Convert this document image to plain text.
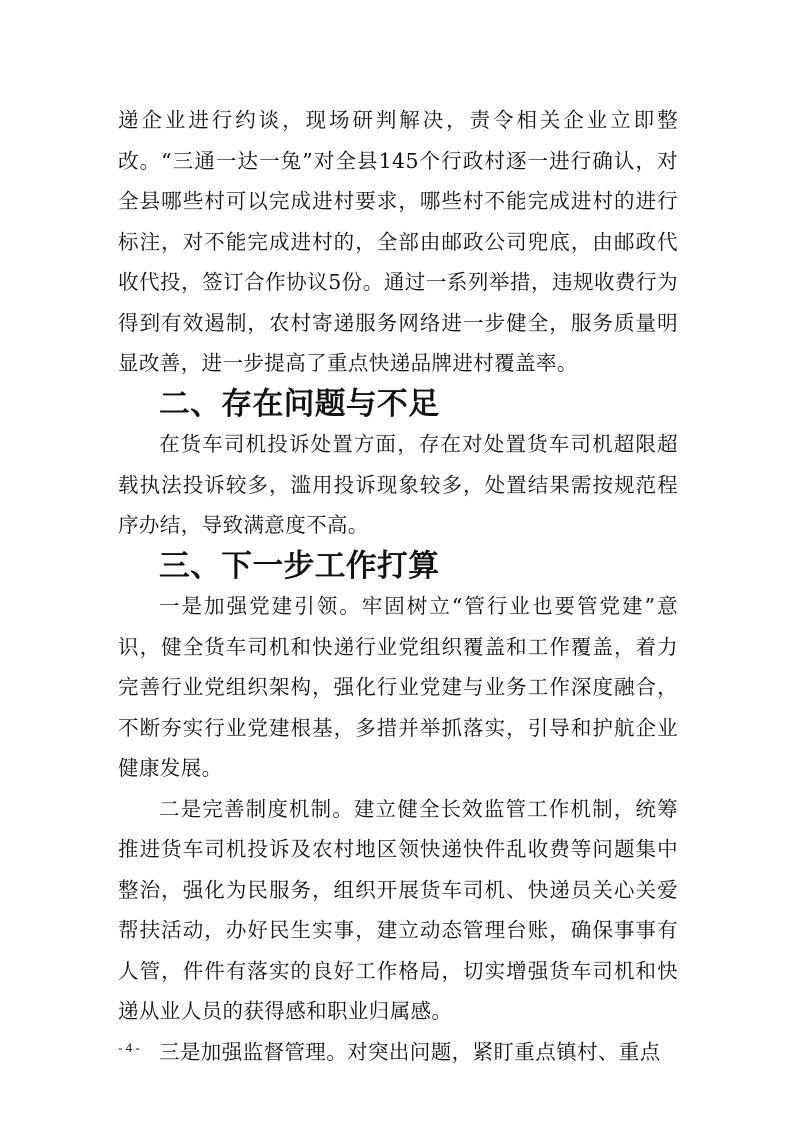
递企业进行约谈，现场研判解决，责令相关企业立即整改。“三通一达一兔”对全县145个行政村逐一进行确认，对全县哪些村可以完成进村要求，哪些村不能完成进村的进行标注，对不能完成进村的，全部由邮政公司兜底，由邮政代收代投，签订合作协议5份。通过一系列举措，违规收费行为得到有效遏制，农村寄递服务网络进一步健全，服务质量明显改善，进一步提高了重点快递品牌进村覆盖率。

二、存在问题与不足

在货车司机投诉处置方面，存在对处置货车司机超限超载执法投诉较多，滥用投诉现象较多，处置结果需按规范程序办结，导致满意度不高。

三、下一步工作打算

一是加强党建引领。牢固树立“管行业也要管党建”意识，健全货车司机和快递行业党组织覆盖和工作覆盖，着力完善行业党组织架构，强化行业党建与业务工作深度融合，不断夯实行业党建根基，多措并举抓落实，引导和护航企业健康发展。

二是完善制度机制。建立健全长效监管工作机制，统筹推进货车司机投诉及农村地区领快递快件乱收费等问题集中整治，强化为民服务，组织开展货车司机、快递员关心关爱帮扶活动，办好民生实事，建立动态管理台账，确保事事有人管，件件有落实的良好工作格局，切实增强货车司机和快递从业人员的获得感和职业归属感。

三是加强监督管理。对突出问题，紧盯重点镇村、重点

- 4 -
